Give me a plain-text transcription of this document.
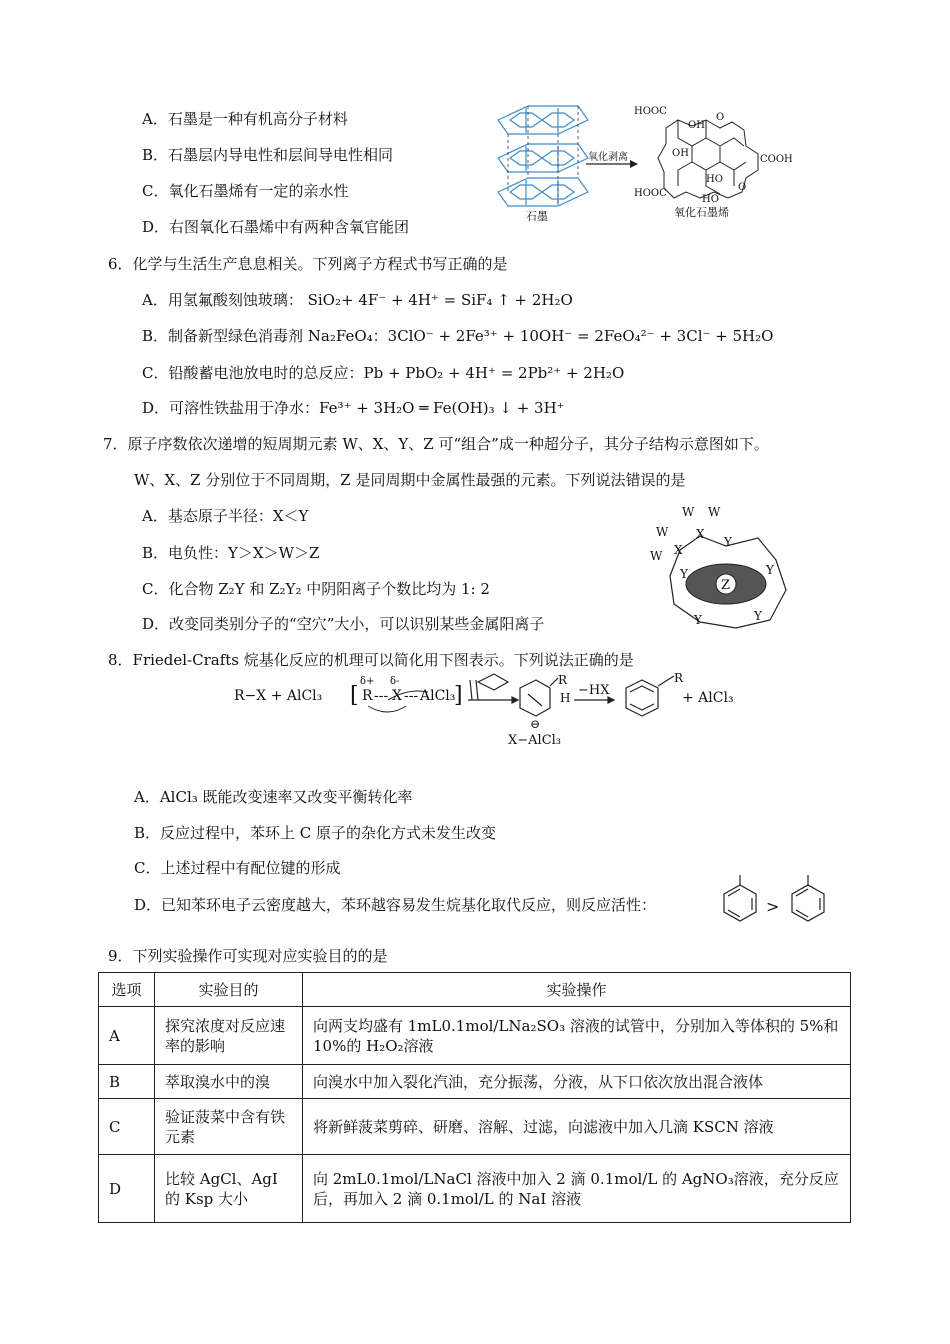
A．石墨是一种有机高分子材料
B．石墨层内导电性和层间导电性相同
C．氧化石墨烯有一定的亲水性
D．右图氧化石墨烯中有两种含氧官能团
石墨
氧化剥离
HOOC
OH
O
OH
COOH
HOOC
HO
HO
O
氧化石墨烯
6．化学与生活生产息息相关。下列离子方程式书写正确的是
A．用氢氟酸刻蚀玻璃： SiO₂+ 4F⁻ + 4H⁺ = SiF₄ ↑ + 2H₂O
B．制备新型绿色消毒剂 Na₂FeO₄：3ClO⁻ + 2Fe³⁺ + 10OH⁻ = 2FeO₄²⁻ + 3Cl⁻ + 5H₂O
C．铅酸蓄电池放电时的总反应：Pb + PbO₂ + 4H⁺ = 2Pb²⁺ + 2H₂O
D．可溶性铁盐用于净水：Fe³⁺ + 3H₂O ═ Fe(OH)₃ ↓ + 3H⁺
7．原子序数依次递增的短周期元素 W、X、Y、Z 可“组合”成一种超分子，其分子结构示意图如下。
W、X、Z 分别位于不同周期，Z 是同周期中金属性最强的元素。下列说法错误的是
A．基态原子半径：X＜Y
B．电负性：Y＞X＞W＞Z
C．化合物 Z₂Y 和 Z₂Y₂ 中阴阳离子个数比均为 1: 2
D．改变同类别分子的“空穴”大小，可以识别某些金属阳离子
Z
W W
W
W
X
X
Y
Y	Y
Y	Y
8．Friedel-Crafts 烷基化反应的机理可以简化用下图表示。下列说法正确的是
R−X + AlCl₃ [
δ+ δ-
R --- X --- AlCl₃
]
R
H −HX
R
+ AlCl₃
⊖
X−AlCl₃
A．AlCl₃ 既能改变速率又改变平衡转化率
B．反应过程中，苯环上 C 原子的杂化方式未发生改变
C．上述过程中有配位键的形成
D．已知苯环电子云密度越大，苯环越容易发生烷基化取代反应，则反应活性：	>
9．下列实验操作可实现对应实验目的的是
选项	实验目的	实验操作
A	探究浓度对反应速率的影响	向两支均盛有 1mL0.1mol/LNa₂SO₃ 溶液的试管中，分别加入等体积的 5%和 10%的 H₂O₂溶液
B	萃取溴水中的溴	向溴水中加入裂化汽油，充分振荡，分液，从下口依次放出混合液体
C	验证菠菜中含有铁元素	将新鲜菠菜剪碎、研磨、溶解、过滤，向滤液中加入几滴 KSCN 溶液
D	比较 AgCl、AgI 的 Ksp 大小	向 2mL0.1mol/LNaCl 溶液中加入 2 滴 0.1mol/L 的 AgNO₃溶液，充分反应后，再加入 2 滴 0.1mol/L 的 NaI 溶液
